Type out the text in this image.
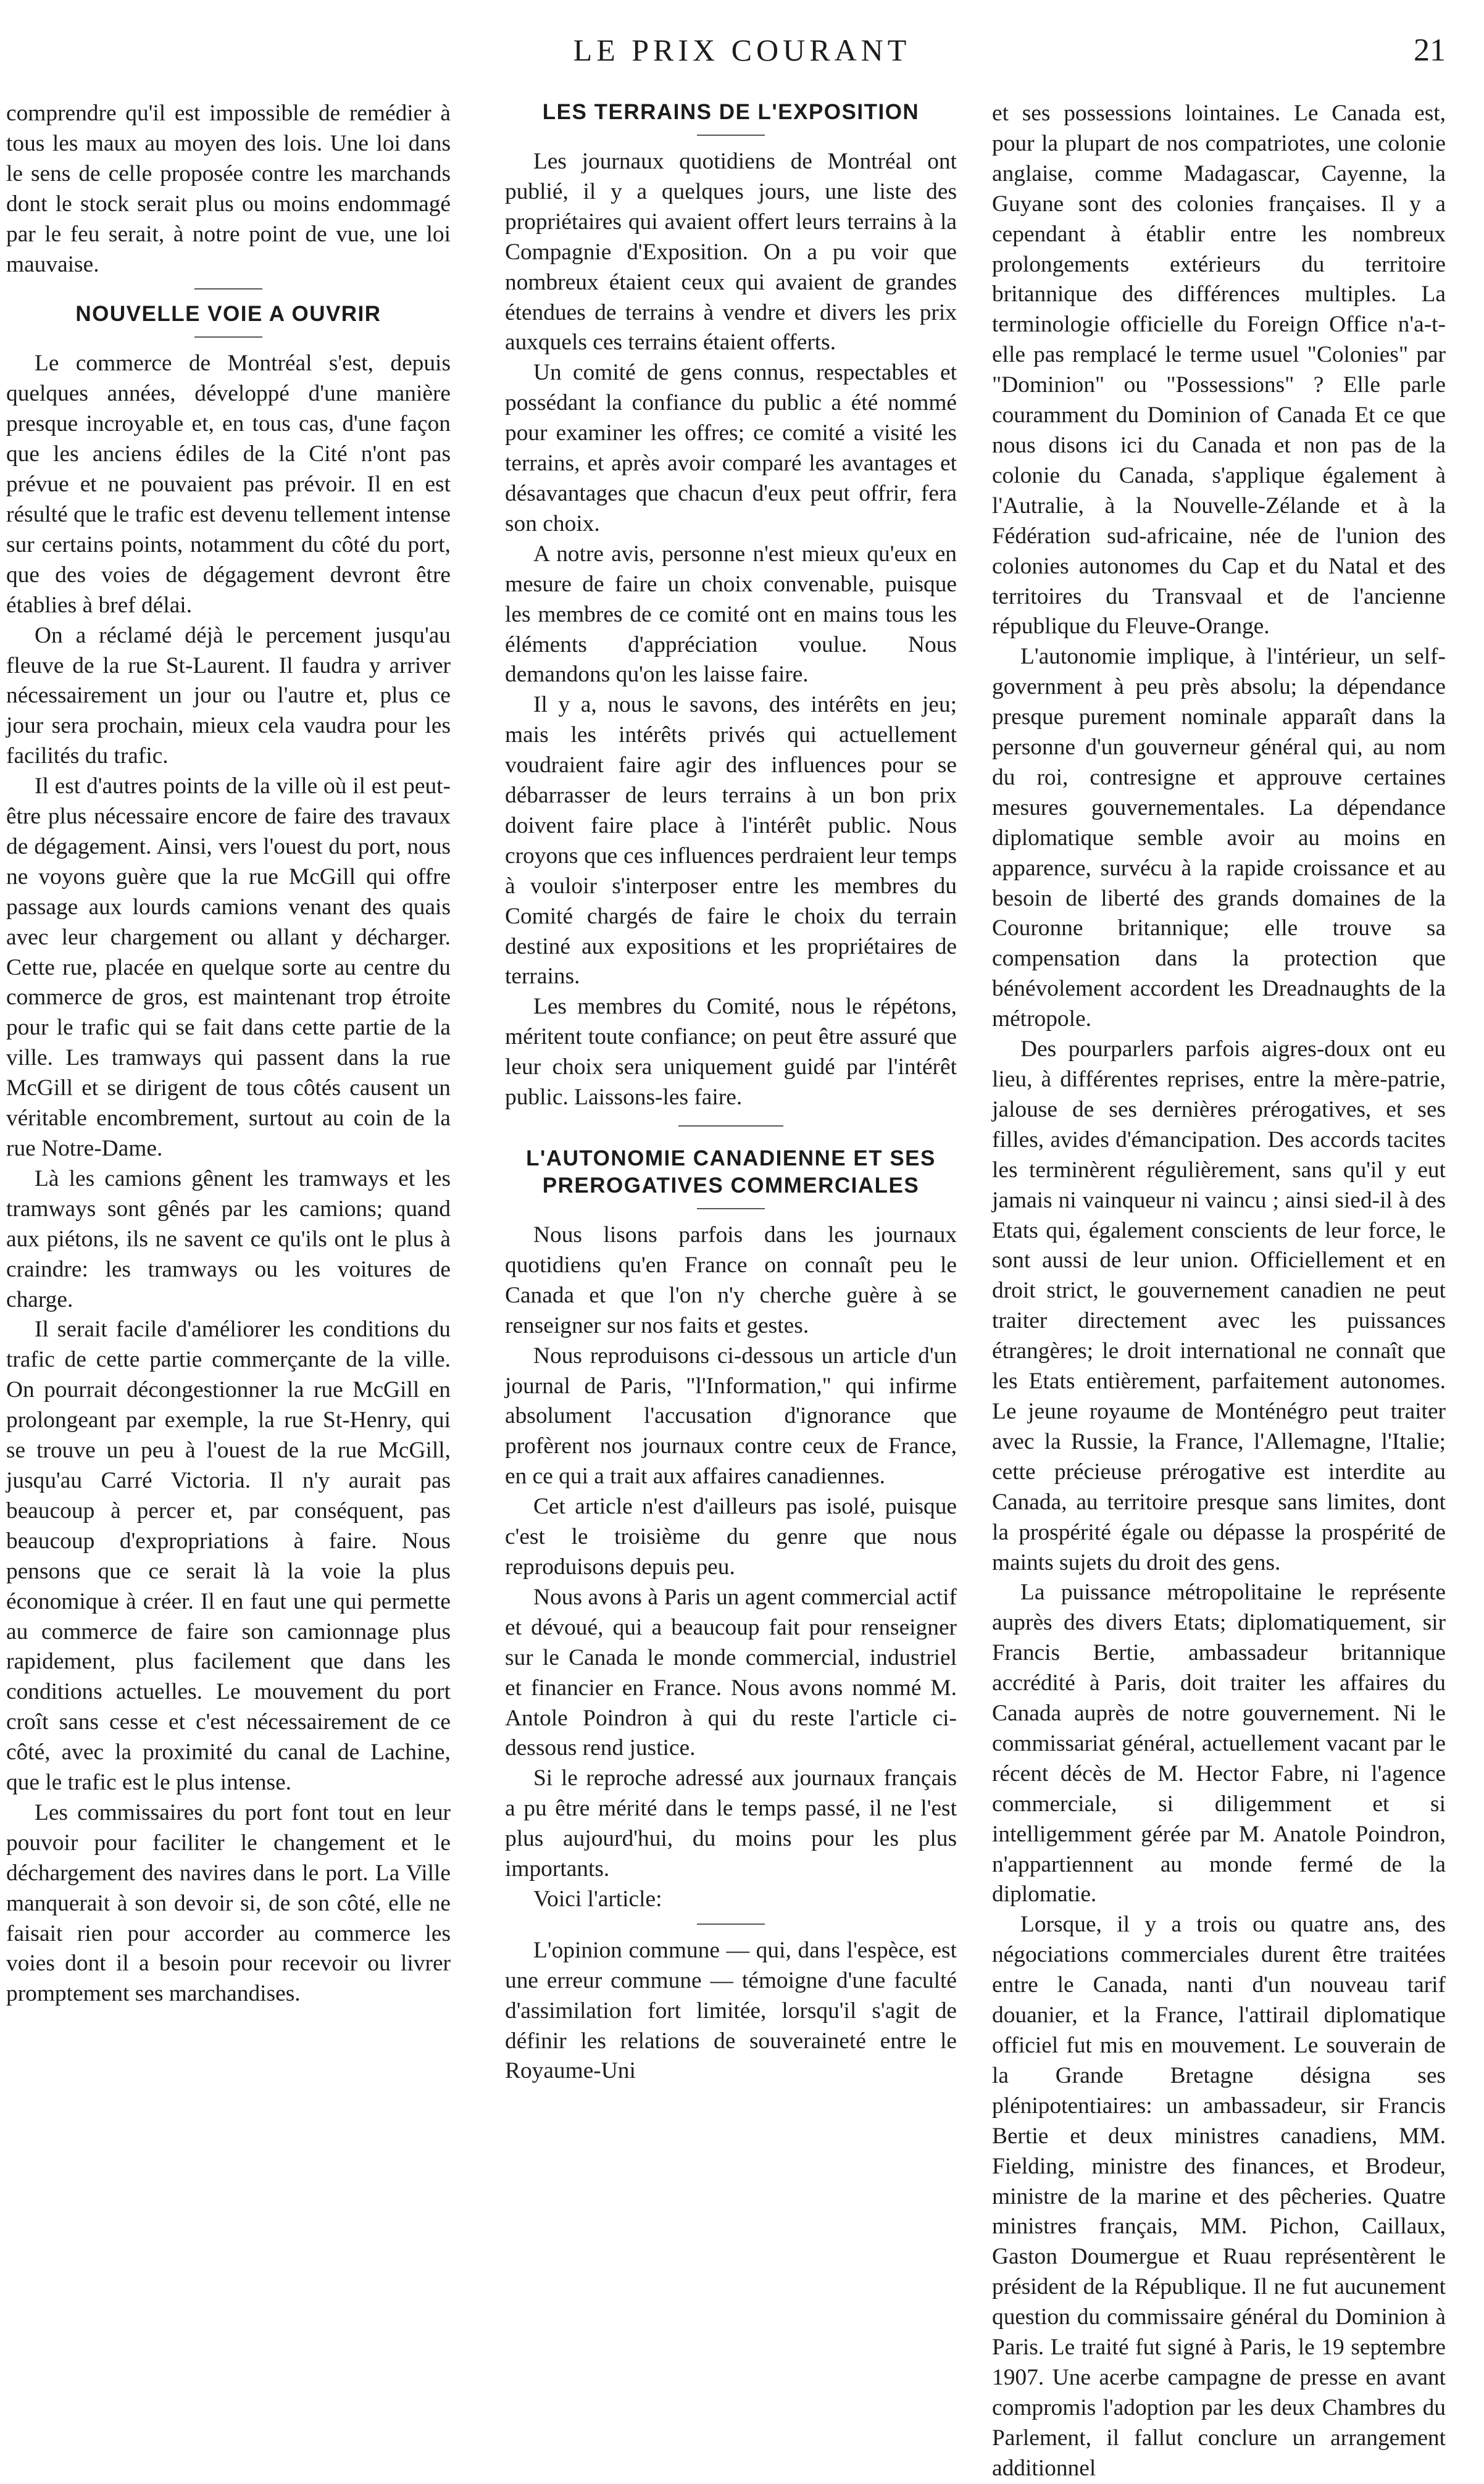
LE PRIX COURANT	21

comprendre qu'il est impossible de remédier à tous les maux au moyen des lois. Une loi dans le sens de celle proposée contre les marchands dont le stock serait plus ou moins endommagé par le feu serait, à notre point de vue, une loi mauvaise.

NOUVELLE VOIE A OUVRIR

Le commerce de Montréal s'est, depuis quelques années, développé d'une manière presque incroyable et, en tous cas, d'une façon que les anciens édiles de la Cité n'ont pas prévue et ne pouvaient pas prévoir. Il en est résulté que le trafic est devenu tellement intense sur certains points, notamment du côté du port, que des voies de dégagement devront être établies à bref délai.

On a réclamé déjà le percement jusqu'au fleuve de la rue St-Laurent. Il faudra y arriver nécessairement un jour ou l'autre et, plus ce jour sera prochain, mieux cela vaudra pour les facilités du trafic.

Il est d'autres points de la ville où il est peut-être plus nécessaire encore de faire des travaux de dégagement. Ainsi, vers l'ouest du port, nous ne voyons guère que la rue McGill qui offre passage aux lourds camions venant des quais avec leur chargement ou allant y décharger. Cette rue, placée en quelque sorte au centre du commerce de gros, est maintenant trop étroite pour le trafic qui se fait dans cette partie de la ville. Les tramways qui passent dans la rue McGill et se dirigent de tous côtés causent un véritable encombrement, surtout au coin de la rue Notre-Dame.

Là les camions gênent les tramways et les tramways sont gênés par les camions; quand aux piétons, ils ne savent ce qu'ils ont le plus à craindre: les tramways ou les voitures de charge.

Il serait facile d'améliorer les conditions du trafic de cette partie commerçante de la ville. On pourrait décongestionner la rue McGill en prolongeant par exemple, la rue St-Henry, qui se trouve un peu à l'ouest de la rue McGill, jusqu'au Carré Victoria. Il n'y aurait pas beaucoup à percer et, par conséquent, pas beaucoup d'expropriations à faire. Nous pensons que ce serait là la voie la plus économique à créer. Il en faut une qui permette au commerce de faire son camionnage plus rapidement, plus facilement que dans les conditions actuelles. Le mouvement du port croît sans cesse et c'est nécessairement de ce côté, avec la proximité du canal de Lachine, que le trafic est le plus intense.

Les commissaires du port font tout en leur pouvoir pour faciliter le changement et le déchargement des navires dans le port. La Ville manquerait à son devoir si, de son côté, elle ne faisait rien pour accorder au commerce les voies dont il a besoin pour recevoir ou livrer promptement ses marchandises.

LES TERRAINS DE L'EXPOSITION

Les journaux quotidiens de Montréal ont publié, il y a quelques jours, une liste des propriétaires qui avaient offert leurs terrains à la Compagnie d'Exposition. On a pu voir que nombreux étaient ceux qui avaient de grandes étendues de terrains à vendre et divers les prix auxquels ces terrains étaient offerts.

Un comité de gens connus, respectables et possédant la confiance du public a été nommé pour examiner les offres; ce comité a visité les terrains, et après avoir comparé les avantages et désavantages que chacun d'eux peut offrir, fera son choix.

A notre avis, personne n'est mieux qu'eux en mesure de faire un choix convenable, puisque les membres de ce comité ont en mains tous les éléments d'appréciation voulue. Nous demandons qu'on les laisse faire.

Il y a, nous le savons, des intérêts en jeu; mais les intérêts privés qui actuellement voudraient faire agir des influences pour se débarrasser de leurs terrains à un bon prix doivent faire place à l'intérêt public. Nous croyons que ces influences perdraient leur temps à vouloir s'interposer entre les membres du Comité chargés de faire le choix du terrain destiné aux expositions et les propriétaires de terrains.

Les membres du Comité, nous le répétons, méritent toute confiance; on peut être assuré que leur choix sera uniquement guidé par l'intérêt public. Laissons-les faire.

L'AUTONOMIE CANADIENNE ET SES PREROGATIVES COMMERCIALES

Nous lisons parfois dans les journaux quotidiens qu'en France on connaît peu le Canada et que l'on n'y cherche guère à se renseigner sur nos faits et gestes.

Nous reproduisons ci-dessous un article d'un journal de Paris, "l'Information," qui infirme absolument l'accusation d'ignorance que profèrent nos journaux contre ceux de France, en ce qui a trait aux affaires canadiennes.

Cet article n'est d'ailleurs pas isolé, puisque c'est le troisième du genre que nous reproduisons depuis peu.

Nous avons à Paris un agent commercial actif et dévoué, qui a beaucoup fait pour renseigner sur le Canada le monde commercial, industriel et financier en France. Nous avons nommé M. Antole Poindron à qui du reste l'article ci-dessous rend justice.

Si le reproche adressé aux journaux français a pu être mérité dans le temps passé, il ne l'est plus aujourd'hui, du moins pour les plus importants.

Voici l'article:

L'opinion commune — qui, dans l'espèce, est une erreur commune — témoigne d'une faculté d'assimilation fort limitée, lorsqu'il s'agit de définir les relations de souveraineté entre le Royaume-Uni

et ses possessions lointaines. Le Canada est, pour la plupart de nos compatriotes, une colonie anglaise, comme Madagascar, Cayenne, la Guyane sont des colonies françaises. Il y a cependant à établir entre les nombreux prolongements extérieurs du territoire britannique des différences multiples. La terminologie officielle du Foreign Office n'a-t-elle pas remplacé le terme usuel "Colonies" par "Dominion" ou "Possessions" ? Elle parle couramment du Dominion of Canada Et ce que nous disons ici du Canada et non pas de la colonie du Canada, s'applique également à l'Autralie, à la Nouvelle-Zélande et à la Fédération sud-africaine, née de l'union des colonies autonomes du Cap et du Natal et des territoires du Transvaal et de l'ancienne république du Fleuve-Orange.

L'autonomie implique, à l'intérieur, un self-government à peu près absolu; la dépendance presque purement nominale apparaît dans la personne d'un gouverneur général qui, au nom du roi, contresigne et approuve certaines mesures gouvernementales. La dépendance diplomatique semble avoir au moins en apparence, survécu à la rapide croissance et au besoin de liberté des grands domaines de la Couronne britannique; elle trouve sa compensation dans la protection que bénévolement accordent les Dreadnaughts de la métropole.

Des pourparlers parfois aigres-doux ont eu lieu, à différentes reprises, entre la mère-patrie, jalouse de ses dernières prérogatives, et ses filles, avides d'émancipation. Des accords tacites les terminèrent régulièrement, sans qu'il y eut jamais ni vainqueur ni vaincu ; ainsi sied-il à des Etats qui, également conscients de leur force, le sont aussi de leur union. Officiellement et en droit strict, le gouvernement canadien ne peut traiter directement avec les puissances étrangères; le droit international ne connaît que les Etats entièrement, parfaitement autonomes. Le jeune royaume de Monténégro peut traiter avec la Russie, la France, l'Allemagne, l'Italie; cette précieuse prérogative est interdite au Canada, au territoire presque sans limites, dont la prospérité égale ou dépasse la prospérité de maints sujets du droit des gens.

La puissance métropolitaine le représente auprès des divers Etats; diplomatiquement, sir Francis Bertie, ambassadeur britannique accrédité à Paris, doit traiter les affaires du Canada auprès de notre gouvernement. Ni le commissariat général, actuellement vacant par le récent décès de M. Hector Fabre, ni l'agence commerciale, si diligemment et si intelligemment gérée par M. Anatole Poindron, n'appartiennent au monde fermé de la diplomatie.

Lorsque, il y a trois ou quatre ans, des négociations commerciales durent être traitées entre le Canada, nanti d'un nouveau tarif douanier, et la France, l'attirail diplomatique officiel fut mis en mouvement. Le souverain de la Grande Bretagne désigna ses plénipotentiaires: un ambassadeur, sir Francis Bertie et deux ministres canadiens, MM. Fielding, ministre des finances, et Brodeur, ministre de la marine et des pêcheries. Quatre ministres français, MM. Pichon, Caillaux, Gaston Doumergue et Ruau représentèrent le président de la République. Il ne fut aucunement question du commissaire général du Dominion à Paris. Le traité fut signé à Paris, le 19 septembre 1907. Une acerbe campagne de presse en avant compromis l'adoption par les deux Chambres du Parlement, il fallut conclure un arrangement additionnel
